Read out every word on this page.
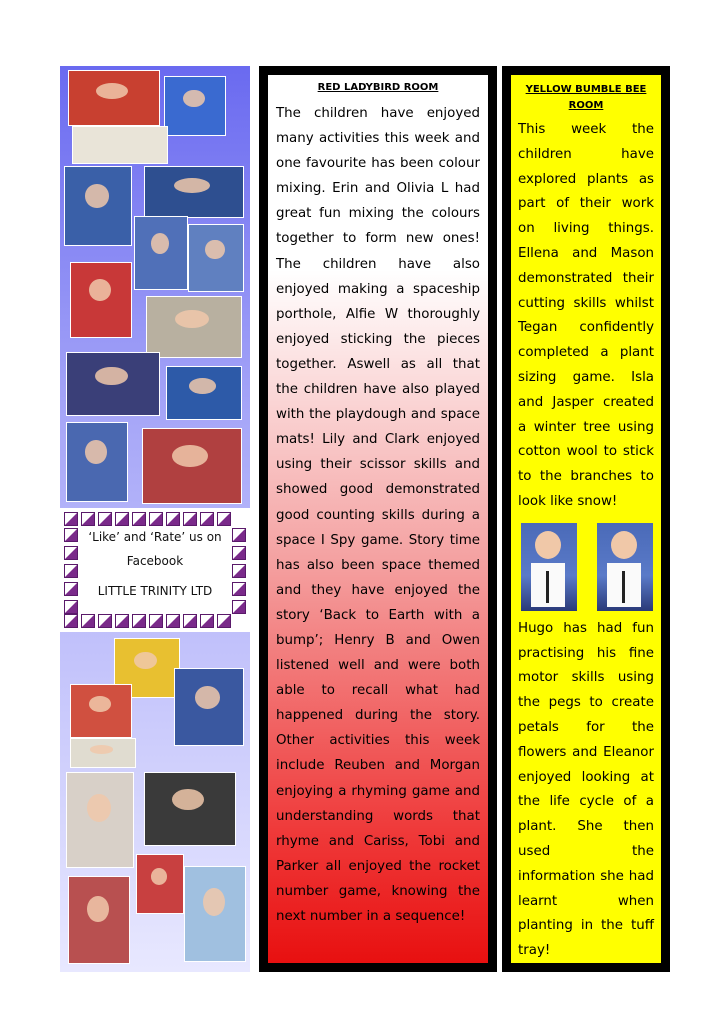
‘Like’ and ‘Rate’ us on
Facebook
LITTLE TRINITY LTD
RED LADYBIRD ROOM
The children have enjoyed many activities this week and one favourite has been colour mixing. Erin and Olivia L had great fun mixing the colours together to form new ones! The children have also enjoyed making a spaceship porthole, Alfie W thoroughly enjoyed sticking the pieces together. Aswell as all that the children have also played with the playdough and space mats! Lily and Clark enjoyed using their scissor skills and showed good demonstrated good counting skills during a space I Spy game. Story time has also been space themed and they have enjoyed the story ‘Back to Earth with a bump’; Henry B and Owen listened well and were both able to recall what had happened during the story. Other activities this week include Reuben and Morgan enjoying a rhyming game and understanding words that rhyme and Cariss, Tobi and Parker all enjoyed the rocket number game, knowing the next number in a sequence!
YELLOW BUMBLE BEE ROOM
This week the children have explored plants as part of their work on living things. Ellena and Mason demonstrated their cutting skills whilst Tegan confidently completed a plant sizing game. Isla and Jasper created a winter tree using cotton wool to stick to the branches to look like snow!
Hugo has had fun practising his fine motor skills using the pegs to create petals for the flowers and Eleanor enjoyed looking at the life cycle of a plant. She then used the information she had learnt when planting in the tuff tray!
